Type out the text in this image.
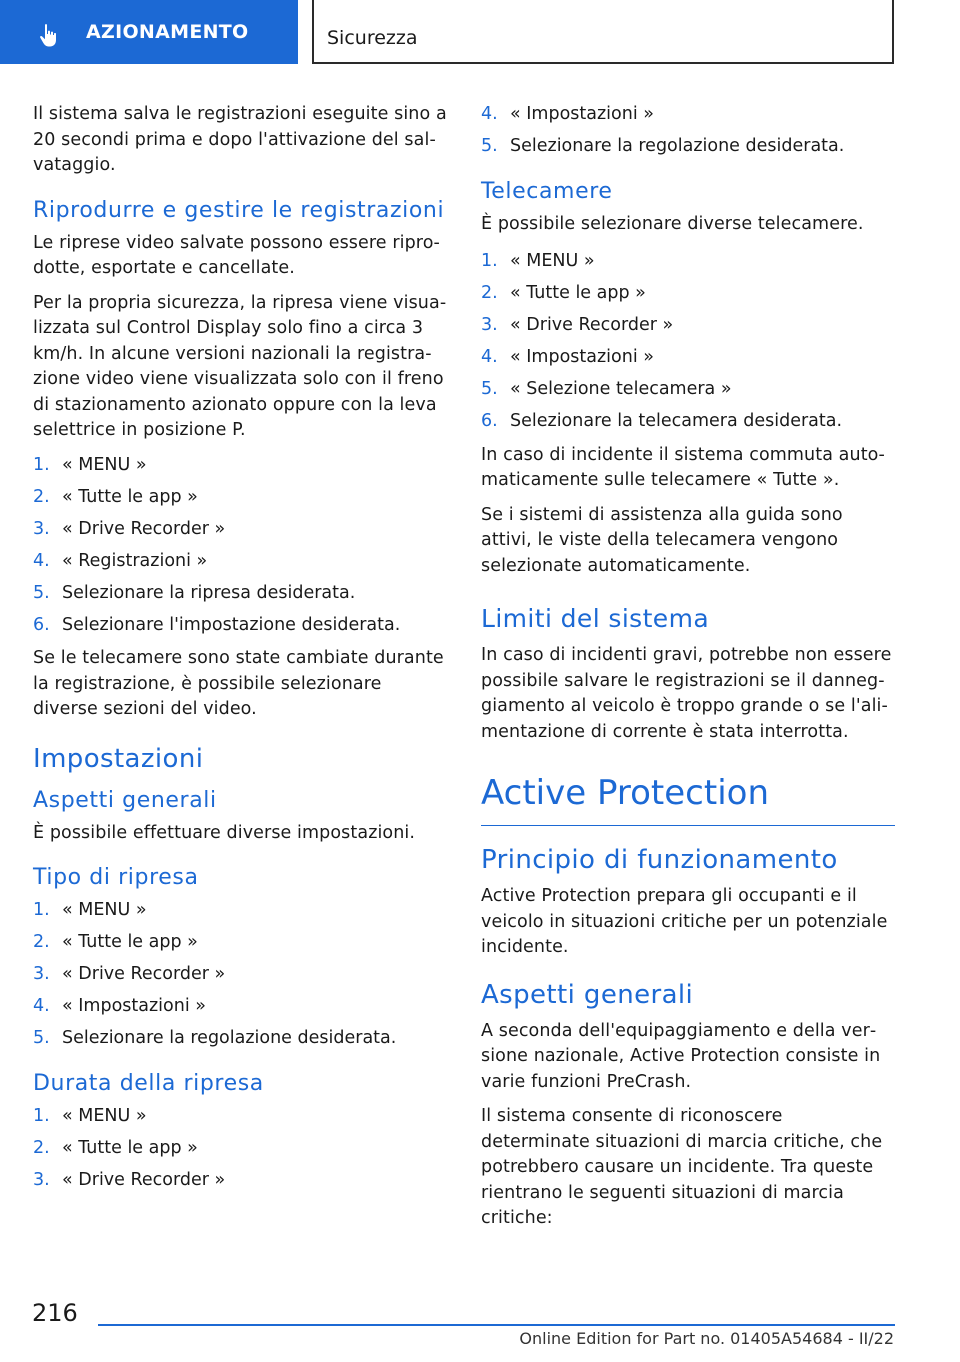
AZIONAMENTO	Sicurezza

Il sistema salva le registrazioni eseguite sino a 20 secondi prima e dopo l'attivazione del salvataggio.

Riprodurre e gestire le registrazioni

Le riprese video salvate possono essere riprodotte, esportate e cancellate.

Per la propria sicurezza, la ripresa viene visualizzata sul Control Display solo fino a circa 3 km/h. In alcune versioni nazionali la registrazione video viene visualizzata solo con il freno di stazionamento azionato oppure con la leva selettrice in posizione P.

1. « MENU »
2. « Tutte le app »
3. « Drive Recorder »
4. « Registrazioni »
5. Selezionare la ripresa desiderata.
6. Selezionare l'impostazione desiderata.

Se le telecamere sono state cambiate durante la registrazione, è possibile selezionare diverse sezioni del video.

Impostazioni
Aspetti generali

È possibile effettuare diverse impostazioni.

Tipo di ripresa
1. « MENU »
2. « Tutte le app »
3. « Drive Recorder »
4. « Impostazioni »
5. Selezionare la regolazione desiderata.
Durata della ripresa
1. « MENU »
2. « Tutte le app »
3. « Drive Recorder »
4. « Impostazioni »
5. Selezionare la regolazione desiderata.
Telecamere

È possibile selezionare diverse telecamere.

1. « MENU »
2. « Tutte le app »
3. « Drive Recorder »
4. « Impostazioni »
5. « Selezione telecamera »
6. Selezionare la telecamera desiderata.

In caso di incidente il sistema commuta automaticamente sulle telecamere « Tutte ».

Se i sistemi di assistenza alla guida sono attivi, le viste della telecamera vengono selezionate automaticamente.

Limiti del sistema

In caso di incidenti gravi, potrebbe non essere possibile salvare le registrazioni se il danneggiamento al veicolo è troppo grande o se l'alimentazione di corrente è stata interrotta.

Active Protection
Principio di funzionamento

Active Protection prepara gli occupanti e il veicolo in situazioni critiche per un potenziale incidente.

Aspetti generali

A seconda dell'equipaggiamento e della versione nazionale, Active Protection consiste in varie funzioni PreCrash.

Il sistema consente di riconoscere determinate situazioni di marcia critiche, che potrebbero causare un incidente. Tra queste rientrano le seguenti situazioni di marcia critiche:

216
Online Edition for Part no. 01405A54684 - II/22
